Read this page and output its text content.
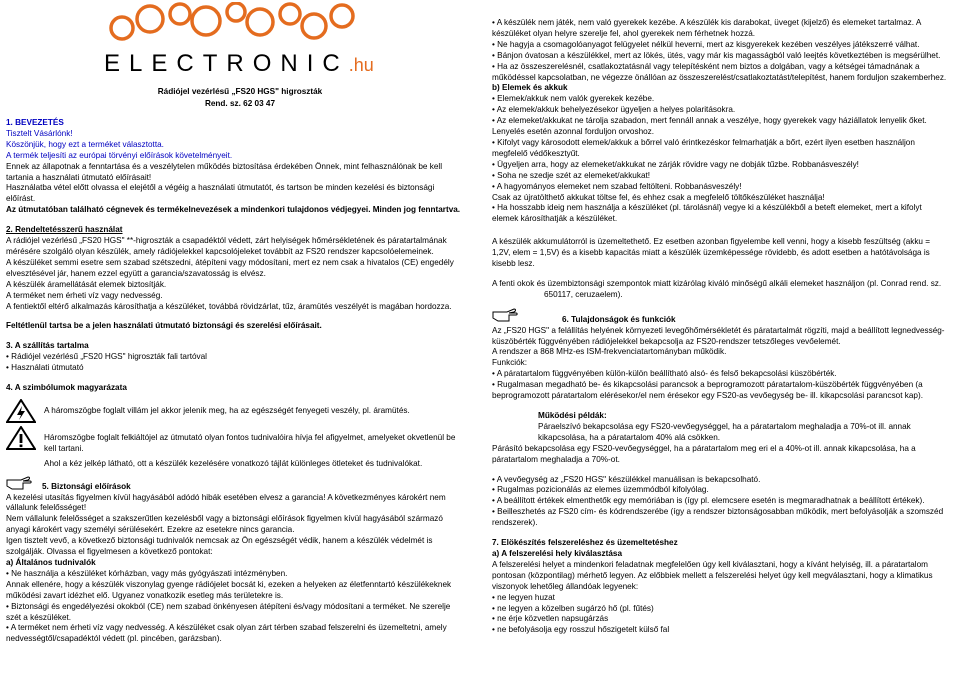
ELECTRONIC.hu
Rádiójel vezérlésű „FS20 HGS" higroszták
Rend. sz. 62 03 47
1. BEVEZETÉS
Tisztelt Vásárlónk!
Köszönjük, hogy ezt a terméket választotta.
A termék teljesíti az európai törvényi előírások követelményeit.
Ennek az állapotnak a fenntartása és a veszélytelen működés biztosítása érdekében Önnek, mint felhasználónak be kell
tartania a használati útmutató előírásait!
Használatba vétel előtt olvassa el elejétől a végéig a használati útmutatót, és tartson be minden kezelési és biztonsági
előírást.
Az útmutatóban található cégnevek és termékelnevezések a mindenkori tulajdonos védjegyei. Minden jog fenntartva.
2. Rendeltetésszerű használat
A rádiójel vezérlésű „FS20 HGS" **-higroszták a csapadéktól védett, zárt helyiségek hőmérsékletének és páratartalmának
mérésére szolgáló olyan készülék, amely rádiójelekkel kapcsolójeleket továbbít az FS20 rendszer kapcsolóelemeinek.
A készüléket semmi esetre sem szabad szétszedni, átépíteni vagy módosítani, mert ez nem csak a hivatalos (CE) engedély
elvesztésével jár, hanem ezzel együtt a garancia/szavatosság is elvész.
A készülék áramellátását elemek biztosítják.
A terméket nem érheti víz vagy nedvesség.
A fentiektől eltérő alkalmazás károsíthatja a készüléket, továbbá rövidzárlat, tűz, áramütés veszélyét is magában hordozza.
Feltétlenül tartsa be a jelen használati útmutató biztonsági és szerelési előírásait.
3. A szállítás tartalma
• Rádiójel vezérlésű „FS20 HGS" higroszták fali tartóval
• Használati útmutató
4. A szimbólumok magyarázata
A háromszögbe foglalt villám jel akkor jelenik meg, ha az egészségét fenyegeti veszély, pl. áramütés.
Háromszögbe foglalt felkiáltójel az útmutató olyan fontos tudnivalóira hívja fel afigyelmet, amelyeket okvetlenül be
kell tartani.
Ahol a kéz jelkép látható, ott a készülék kezelésére vonatkozó tájlát különleges ötleteket és tudnivalókat.
5. Biztonsági előírások
A kezelési utasítás figyelmen kívül hagyásából adódó hibák esetében elvesz a garancia! A következményes károkért nem
vállalunk felelősséget!
Nem vállalunk felelősséget a szakszerűtlen kezelésből vagy a biztonsági előírások figyelmen kívül hagyásából származó
anyagi károkért vagy személyi sérülésekért. Ezekre az esetekre nincs garancia.
Igen tisztelt vevő, a következő biztonsági tudnivalók nemcsak az Ön egészségét védik, hanem a készülék védelmét is
szolgálják. Olvassa el figyelmesen a következő pontokat:
a) Általános tudnivalók
• Ne használja a készüléket kórházban, vagy más gyógyászati intézményben.
Annak ellenére, hogy a készülék viszonylag gyenge rádiójelet bocsát ki, ezeken a helyeken az életfenntartó készülékeknek
működési zavart idézhet elő. Ugyanez vonatkozik esetleg más területekre is.
• Biztonsági és engedélyezési okokból (CE) nem szabad önkényesen átépíteni és/vagy módosítani a terméket. Ne szerelje
szét a készüléket.
• A terméket nem érheti víz vagy nedvesség. A készüléket csak olyan zárt térben szabad felszerelni és üzemeltetni, amely
nedvességtől/csapadéktól védett (pl. pincében, garázsban).
• A készülék nem játék, nem való gyerekek kezébe. A készülék kis darabokat, üveget (kijelző) és elemeket tartalmaz. A
készüléket olyan helyre szerelje fel, ahol gyerekek nem férhetnek hozzá.
• Ne hagyja a csomagolóanyagot felügyelet nélkül heverni, mert az kisgyerekek kezében veszélyes játékszerré válhat.
• Bánjon óvatosan a készülékkel, mert az lökés, ütés, vagy már kis magasságból való leejtés következtében is megsérülhet.
• Ha az összeszerelésnél, csatlakoztatásnál vagy telepítésként nem biztos a dolgában, vagy a kétségei támadnának a
működéssel kapcsolatban, ne végezze önállóan az összeszerelést/csatlakoztatást/telepítést, hanem forduljon szakemberhez.
b) Elemek és akkuk
• Elemek/akkuk nem valók gyerekek kezébe.
• Az elemek/akkuk behelyezésekor ügyeljen a helyes polaritásokra.
• Az elemeket/akkukat ne tárolja szabadon, mert fennáll annak a veszélye, hogy gyerekek vagy háziállatok lenyelik őket.
Lenyelés esetén azonnal forduljon orvoshoz.
• Kifolyt vagy károsodott elemek/akkuk a bőrrel való érintkezéskor felmarhatják a bőrt, ezért ilyen esetben használjon
megfelelő védőkesztyűt.
• Ügyeljen arra, hogy az elemeket/akkukat ne zárják rövidre vagy ne dobják tűzbe. Robbanásveszély!
• Soha ne szedje szét az elemeket/akkukat!
• A hagyományos elemeket nem szabad feltölteni. Robbanásveszély!
Csak az újratölthető akkukat töltse fel, és ehhez csak a megfelelő töltőkészüléket használja!
• Ha hosszabb ideig nem használja a készüléket (pl. tárolásnál) vegye ki a készülékből a beteft elemeket, mert a kifolyt
elemek károsíthatják a készüléket.
A készülék akkumulátorról is üzemeltethető. Ez esetben azonban figyelembe kell venni, hogy a kisebb feszültség (akku =
1,2V, elem = 1,5V) és a kisebb kapacitás miatt a készülék üzemképessége rövidebb, és adott esetben a hatótávolsága is
kisebb lesz.
A fenti okok és üzembiztonsági szempontok miatt kizárólag kiváló minőségű alkáli elemeket használjon (pl. Conrad rend. sz.
650117, ceruzaelem).
6. Tulajdonságok és funkciók
Az „FS20 HGS" a felállítás helyének környezeti levegőhőmérsékletét és páratartalmát rögzíti, majd a beállított legnedvesség-
küszöbérték függvényében rádiójelekkel bekapcsolja az FS20-rendszer tetszőleges vevőelemét.
A rendszer a 868 MHz-es ISM-frekvenciatartományban működik.
Funkciók:
• A páratartalom függvényében külön-külön beállítható alsó- és felső bekapcsolási küszöbérték.
• Rugalmasan megadható be- és kikapcsolási parancsok a beprogramozott páratartalom-küszöbérték függvényében (a
beprogramozott páratartalom elérésekor/el nem érésekor egy FS20-as vevőegység be- ill. kikapcsolási parancsot kap).
Működési példák:
Páraelszívó bekapcsolása egy FS20-vevőegységgel, ha a páratartalom meghaladja a 70%-ot ill. annak
kikapcsolása, ha a páratartalom 40% alá csökken.
Párásító bekapcsolása egy FS20-vevőegységgel, ha a páratartalom meg eri el a 40%-ot ill. annak kikapcsolása, ha a
páratartalom meghaladja a 70%-ot.
• A vevőegység az „FS20 HGS" készülékkel manuálisan is bekapcsolható.
• Rugalmas pozicionálás az elemes üzemmódból kifolyólag.
• A beállított értékek elmenthetők egy memóriában is (így pl. elemcsere esetén is megmaradhatnak a beállított értékek).
• Beilleszhetés az FS20 cím- és kódrendszerébe (így a rendszer biztonságosabban működik, mert befolyásolják a szomszéd
rendszerek).
7. Elökészítés felszereléshez és üzemeltetéshez
a) A felszerelési hely kiválasztása
A felszerelési helyet a mindenkori feladatnak megfelelően úgy kell kiválasztani, hogy a kívánt helyiség, ill. a páratartalom
pontosan (központilag) mérhető legyen. Az előbbiek mellett a felszerelési helyet úgy kell megválasztani, hogy a klimatikus
viszonyok lehetőleg állandóak legyenek:
• ne legyen huzat
• ne legyen a közelben sugárzó hő (pl. fűtés)
• ne érje közvetlen napsugárzás
• ne befolyásolja egy rosszul hőszigetelt külső fal
